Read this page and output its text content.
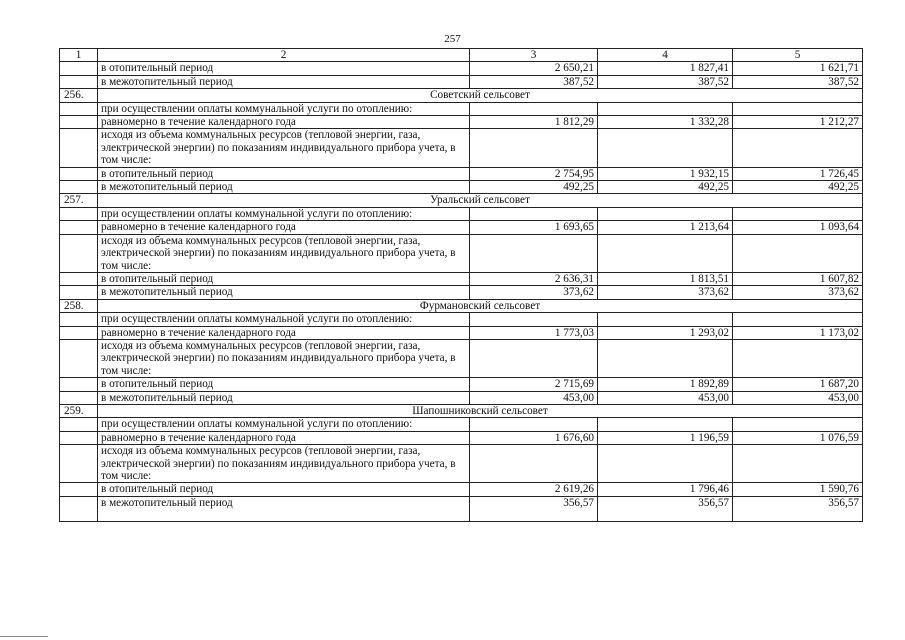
257
1	2	3	4	5
	в отопительный период	2 650,21	1 827,41	1 621,71
	в межотопительный период	387,52	387,52	387,52
256.	Советский сельсовет			
	при осуществлении оплаты коммунальной услуги по отоплению:			
	равномерно в течение календарного года	1 812,29	1 332,28	1 212,27
	исходя из объема коммунальных ресурсов (тепловой энергии, газа, электрической энергии) по показаниям индивидуального прибора учета, в том числе:			
	в отопительный период	2 754,95	1 932,15	1 726,45
	в межотопительный период	492,25	492,25	492,25
257.	Уральский сельсовет			
	при осуществлении оплаты коммунальной услуги по отоплению:			
	равномерно в течение календарного года	1 693,65	1 213,64	1 093,64
	исходя из объема коммунальных ресурсов (тепловой энергии, газа, электрической энергии) по показаниям индивидуального прибора учета, в том числе:			
	в отопительный период	2 636,31	1 813,51	1 607,82
	в межотопительный период	373,62	373,62	373,62
258.	Фурмановский сельсовет			
	при осуществлении оплаты коммунальной услуги по отоплению:			
	равномерно в течение календарного года	1 773,03	1 293,02	1 173,02
	исходя из объема коммунальных ресурсов (тепловой энергии, газа, электрической энергии) по показаниям индивидуального прибора учета, в том числе:			
	в отопительный период	2 715,69	1 892,89	1 687,20
	в межотопительный период	453,00	453,00	453,00
259.	Шапошниковский сельсовет			
	при осуществлении оплаты коммунальной услуги по отоплению:			
	равномерно в течение календарного года	1 676,60	1 196,59	1 076,59
	исходя из объема коммунальных ресурсов (тепловой энергии, газа, электрической энергии) по показаниям индивидуального прибора учета, в том числе:			
	в отопительный период	2 619,26	1 796,46	1 590,76
	в межотопительный период	356,57	356,57	356,57
